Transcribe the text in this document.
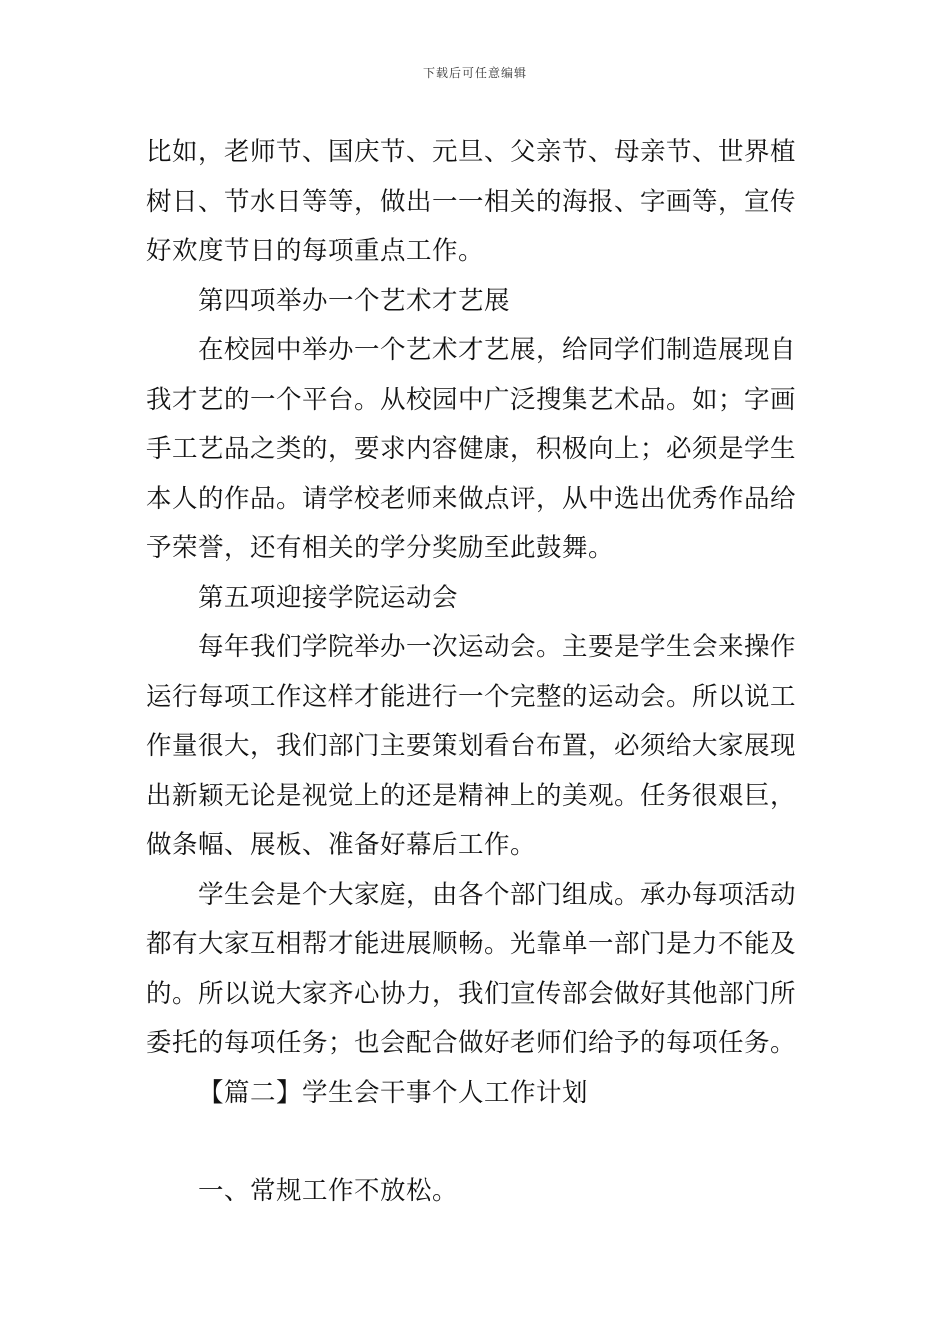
下载后可任意编辑
比如，老师节、国庆节、元旦、父亲节、母亲节、世界植
树日、节水日等等，做出一一相关的海报、字画等，宣传
好欢度节日的每项重点工作。
第四项举办一个艺术才艺展
在校园中举办一个艺术才艺展，给同学们制造展现自
我才艺的一个平台。从校园中广泛搜集艺术品。如；字画
手工艺品之类的，要求内容健康，积极向上；必须是学生
本人的作品。请学校老师来做点评，从中选出优秀作品给
予荣誉，还有相关的学分奖励至此鼓舞。
第五项迎接学院运动会
每年我们学院举办一次运动会。主要是学生会来操作
运行每项工作这样才能进行一个完整的运动会。所以说工
作量很大，我们部门主要策划看台布置，必须给大家展现
出新颖无论是视觉上的还是精神上的美观。任务很艰巨，
做条幅、展板、准备好幕后工作。
学生会是个大家庭，由各个部门组成。承办每项活动
都有大家互相帮才能进展顺畅。光靠单一部门是力不能及
的。所以说大家齐心协力，我们宣传部会做好其他部门所
委托的每项任务；也会配合做好老师们给予的每项任务。
【篇二】学生会干事个人工作计划
一、常规工作不放松。
